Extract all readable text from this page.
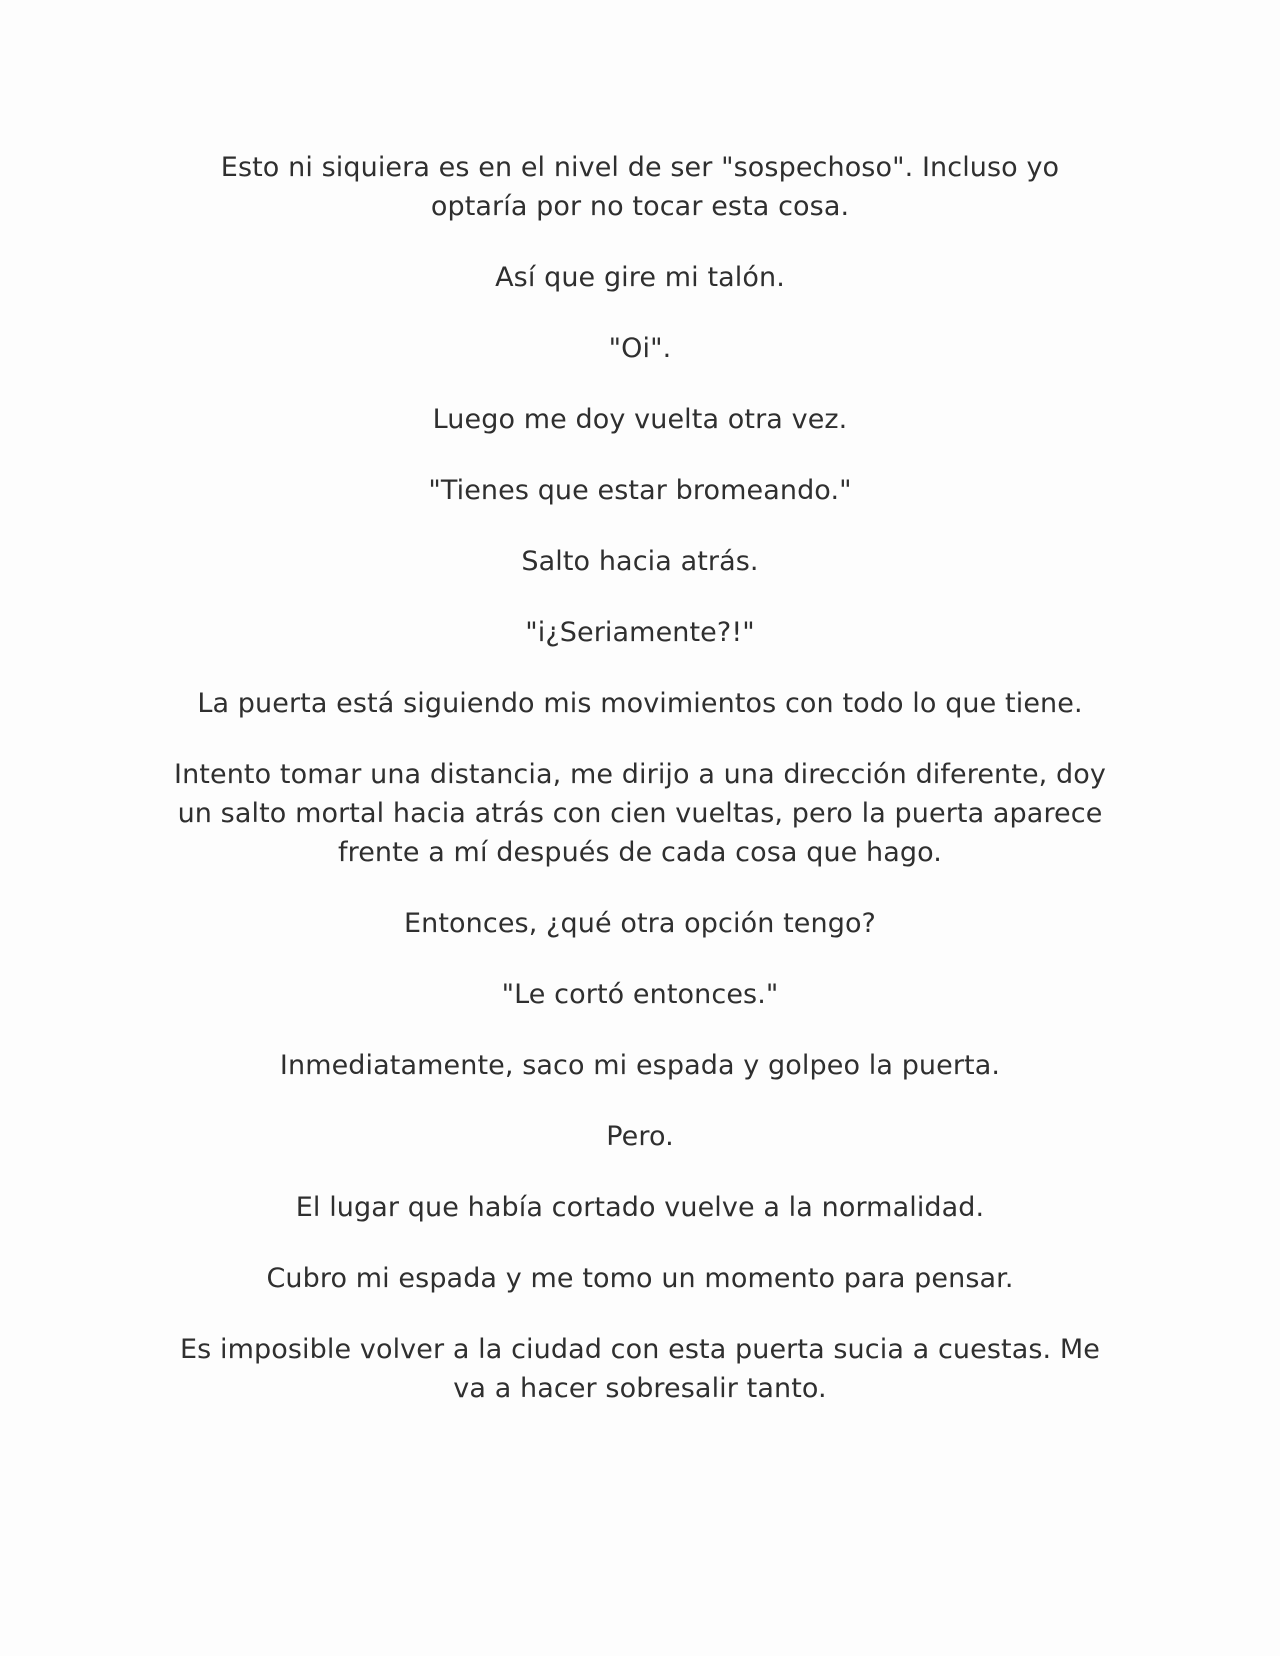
Esto ni siquiera es en el nivel de ser "sospechoso". Incluso yo optaría por no tocar esta cosa.

Así que gire mi talón.

"Oi".

Luego me doy vuelta otra vez.

"Tienes que estar bromeando."

Salto hacia atrás.

"i¿Seriamente?!"

La puerta está siguiendo mis movimientos con todo lo que tiene.

Intento tomar una distancia, me dirijo a una dirección diferente, doy un salto mortal hacia atrás con cien vueltas, pero la puerta aparece frente a mí después de cada cosa que hago.

Entonces, ¿qué otra opción tengo?

"Le cortó entonces."

Inmediatamente, saco mi espada y golpeo la puerta.

Pero.

El lugar que había cortado vuelve a la normalidad.

Cubro mi espada y me tomo un momento para pensar.

Es imposible volver a la ciudad con esta puerta sucia a cuestas. Me va a hacer sobresalir tanto.
